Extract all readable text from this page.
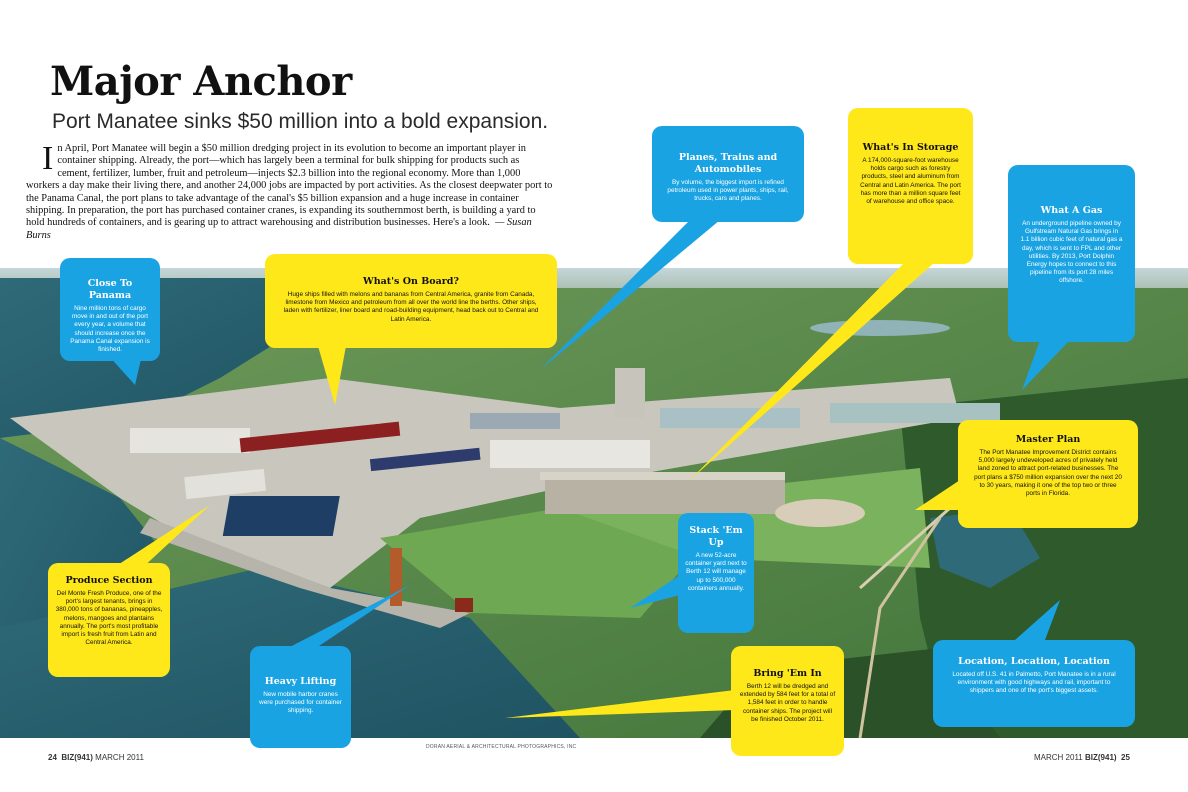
Major Anchor
Port Manatee sinks $50 million into a bold expansion.
In April, Port Manatee will begin a $50 million dredging project in its evolution to become an important player in container shipping. Already, the port—which has largely been a terminal for bulk shipping for products such as cement, fertilizer, lumber, fruit and petroleum—injects $2.3 billion into the regional economy. More than 1,000 workers a day make their living there, and another 24,000 jobs are impacted by port activities. As the closest deepwater port to the Panama Canal, the port plans to take advantage of the canal's $5 billion expansion and a huge increase in container shipping. In preparation, the port has purchased container cranes, is expanding its southernmost berth, is building a yard to hold hundreds of containers, and is gearing up to attract warehousing and distribution businesses. Here's a look. — Susan Burns
Close To Panama

Nine million tons of cargo move in and out of the port every year, a volume that should increase once the Panama Canal expansion is finished.

What's On Board?

Huge ships filled with melons and bananas from Central America, granite from Canada, limestone from Mexico and petroleum from all over the world line the berths. Other ships, laden with fertilizer, liner board and road-building equipment, head back out to Central and Latin America.

Planes, Trains and Automobiles

By volume, the biggest import is refined petroleum used in power plants, ships, rail, trucks, cars and planes.

What's In Storage

A 174,000-square-foot warehouse holds cargo such as forestry products, steel and aluminum from Central and Latin America. The port has more than a million square feet of warehouse and office space.

What A Gas

An underground pipeline owned by Gulfstream Natural Gas brings in 1.1 billion cubic feet of natural gas a day, which is sent to FPL and other utilities. By 2013, Port Dolphin Energy hopes to connect to this pipeline from its port 28 miles offshore.

Master Plan

The Port Manatee Improvement District contains 5,000 largely undeveloped acres of privately held land zoned to attract port-related businesses. The port plans a $750 million expansion over the next 20 to 30 years, making it one of the top two or three ports in Florida.

Produce Section

Del Monte Fresh Produce, one of the port's largest tenants, brings in 380,000 tons of bananas, pineapples, melons, mangoes and plantains annually. The port's most profitable import is fresh fruit from Latin and Central America.

Stack 'Em Up

A new 52-acre container yard next to Berth 12 will manage up to 500,000 containers annually.

Heavy Lifting

New mobile harbor cranes were purchased for container shipping.

Bring 'Em In

Berth 12 will be dredged and extended by 584 feet for a total of 1,584 feet in order to handle container ships. The project will be finished October 2011.

Location, Location, Location

Located off U.S. 41 in Palmetto, Port Manatee is in a rural environment with good highways and rail, important to shippers and one of the port's biggest assets.

DORAN AERIAL & ARCHITECTURAL PHOTOGRAPHICS, INC
24 BIZ(941) MARCH 2011	MARCH 2011 BIZ(941) 25
